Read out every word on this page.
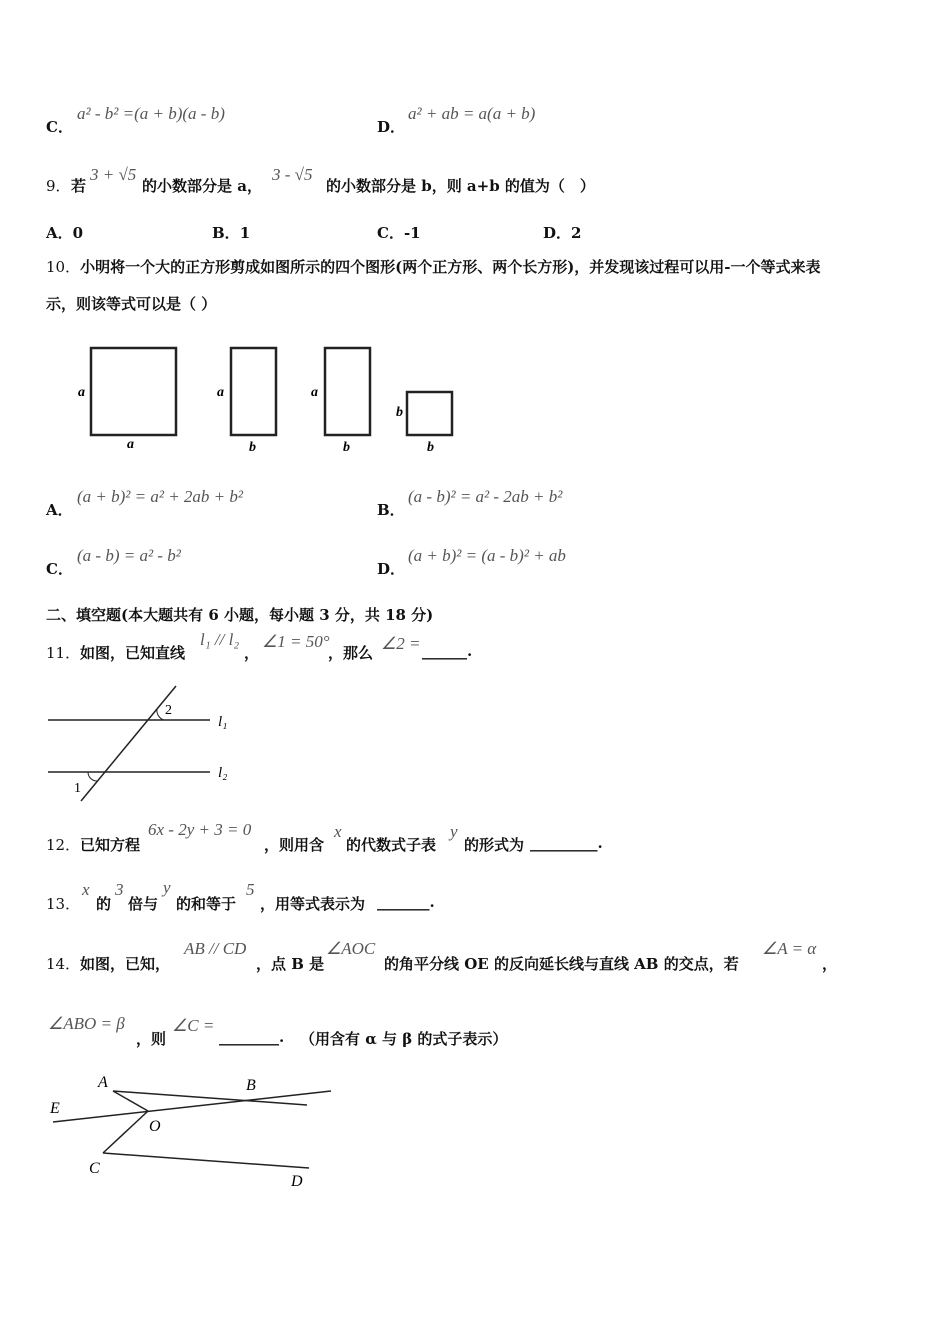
C．
a² - b² =(a + b)(a - b)
D．
a² + ab = a(a + b)
9． 若
3 + √5
的小数部分是 a，
3 - √5
的小数部分是 b，则 a+b 的值为（　）
A．0	B．1	C．-1	D．2
10．小明将一个大的正方形剪成如图所示的四个图形(两个正方形、两个长方形)，并发现该过程可以用-一个等式来表
示，则该等式可以是（ ）
a
a
a
b
a
b
b
b
A．
(a + b)² = a² + 2ab + b²
B．
(a - b)² = a² - 2ab + b²
C．
(a - b) = a² - b²
D．
(a + b)² = (a - b)² + ab
二、填空题(本大题共有 6 小题，每小题 3 分，共 18 分)
11． 如图，已知直线
l₁ // l₂
，
∠1 = 50°
，那么 ∠2 = ______.
2
1
l₁
l₂
12． 已知方程
6x - 2y + 3 = 0
，则用含
x
的代数式子表
y
的形式为 _________.
13．
x
的
3
倍与
y
的和等于
5
，用等式表示为 _______.
14． 如图，已知，
AB // CD
，点 B 是
∠AOC
的角平分线 OE 的反向延长线与直线 AB 的交点，若
∠A = α
，
∠ABO = β
，则
∠C =
________. （用含有 α 与 β 的式子表示）
A	B
E
O
C
D
